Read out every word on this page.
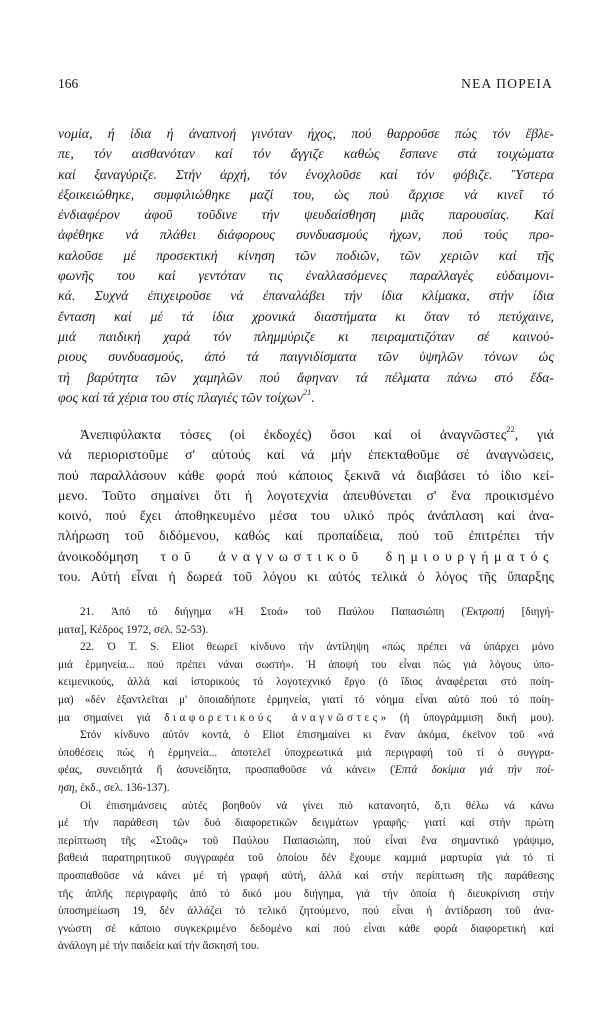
166	ΝΕΑ ΠΟΡΕΙΑ
νομία, ή ίδια ή άναπνοή γινόταν ήχος, πού θαρροῦσε πώς τόν ἔβλε-
πε, τόν αισθανόταν καί τόν ἄγγιζε καθώς ἔσπανε στά τοιχώματα
καί ξαναγύριζε. Στήν ἀρχή, τόν ένοχλοῦσε καί τόν φόβιζε. Ὕστερα
ἐξοικειώθηκε, συμφιλιώθηκε μαζί του, ὡς πού ἄρχισε νά κινεῖ τό
ἐνδιαφέρον ἀφοῦ τοῦδινε τήν ψευδαίσθηση μιᾶς παρουσίας. Καί
ἀφέθηκε νά πλάθει διάφορους συνδυασμούς ήχων, πού τούς προ-
καλοῦσε μέ προσεκτική κίνηση τῶν ποδιῶν, τῶν χεριῶν καί τῆς
φωνῆς του καί γεντόταν τις ἐναλλασόμενες παραλλαγές εὐδαιμονι-
κά. Συχνά ἐπιχειροῦσε νά ἐπαναλάβει τήν ίδια κλίμακα, στήν ίδια
ἔνταση καί μέ τά ίδια χρονικά διαστήματα κι ὅταν τό πετύχαινε,
μιά παιδική χαρά τόν πλημμύριζε κι πειραματιζόταν σέ καινού-
ριους συνδυασμούς, ἀπό τά παιγνιδίσματα τῶν ὑψηλῶν τόνων ὡς
τή βαρύτητα τῶν χαμηλῶν πού ἄφηναν τά πέλματα πάνω στό ἔδα-
φος καί τά χέρια του στίς πλαγιές τῶν τοίχων$^{21}$.
Ἀνεπιφύλακτα τόσες (οἱ ἐκδοχές) ὅσοι καί οἱ ἀναγνῶστες$^{22}$, γιά
νά περιοριστοῦμε σ' αὐτούς καί νά μήν ἐπεκταθοῦμε σέ ἀναγνώσεις,
πού παραλλάσουν κάθε φορά πού κάποιος ξεκινᾶ νά διαβάσει τό ίδιο κεί-
μενο. Τοῦτο σημαίνει ὅτι ἡ λογοτεχνία ἀπευθύνεται σ' ἕνα προικισμένο
κοινό, πού ἔχει ἀποθηκευμένο μέσα του υλικό πρός ἀνάπλαση καί ἀνα-
πλήρωση τοῦ διδόμενου, καθώς καί προπαίδεια, πού τοῦ ἐπιτρέπει τήν
ἀνοικοδόμηση τοῦ ἀναγνωστικοῦ δημιουργήματός
του. Αὐτή εἶναι ἡ δωρεά τοῦ λόγου κι αὐτός τελικά ὁ λόγος τῆς ὕπαρξης
21. Ἀπό τό διήγημα «Ἡ Στοά» τοῦ Παύλου Παπασιώπη (Ἐκτροπή [διηγή-
ματα], Κέδρος 1972, σελ. 52-53).
22. Ὁ T. S. Eliot θεωρεῖ κίνδυνο τήν ἀντίληψη «πώς πρέπει νά ὑπάρχει μόνο
μιά ἑρμηνεία... πού πρέπει νάναι σωστή». Ἡ ἀποψή του εἶναι πώς γιά λόγους ὑπο-
κειμενικούς, ἀλλά καί ἱστορικούς τό λογοτεχνικό ἔργο (ὁ ἴδιος ἀναφέρεται στό ποίη-
μα) «δέν ἐξαντλεῖται μ' ὁποιαδήποτε ἑρμηνεία, γιατί τό νόημα εἶναι αὐτό πού τό ποίη-
μα σημαίνει γιά διαφορετικούς ἀναγνῶστες» (ή ὑπογράμμιση δική μου).
Στόν κίνδυνο αὐτόν κοντά, ὁ Eliot ἐπισημαίνει κι ἕναν ἀκόμα, ἐκεῖνον τοῦ «νά
ὑποθέσεις πώς ἡ ἑρμηνεία... ἀποτελεῖ ὑποχρεωτικά μιά περιγραφή τοῦ τί ὁ συγγρα-
φέας, συνειδητά ἤ ἀσυνείδητα, προσπαθοῦσε νά κάνει» (Ἑπτά δοκίμια γιά τήν ποί-
ηση, ἐκδ., σελ. 136-137).
Οἱ ἐπισημάνσεις αὐτές βοηθοῦν νά γίνει πιό κατανοητό, ὅ,τι θέλω νά κάνω
μέ τήν παράθεση τῶν δυό διαφορετικῶν δειγμάτων γραφῆς· γιατί καί στήν πρώτη
περίπτωση τῆς «Στοᾶς» τοῦ Παύλου Παπασιώπη, πού εἶναι ἕνα σημαντικό γράψιμο,
βαθειά παρατηρητικοῦ συγγραφέα τοῦ ὁποίου δέν ἔχουμε καμμιά μαρτυρία γιά τό τί
προσπαθοῦσε νά κάνει μέ τή γραφή αὐτή, ἀλλά καί στήν περίπτωση τῆς παράθεσης
τῆς ἁπλῆς περιγραφῆς ἀπό τό δικό μου διήγημα, γιά τήν ὁποία ἡ διευκρίνιση στήν
ὑποσημείωση 19, δέν ἀλλάζει τό τελικό ζητούμενο, πού εἶναι ἡ ἀντίδραση τοῦ ἀνα-
γνώστη σέ κάποιο συγκεκριμένο δεδομένο καί πού εἶναι κάθε φορά διαφορετική καί
ἀνάλογη μέ τήν παιδεία καί τήν ἄσκησή του.
